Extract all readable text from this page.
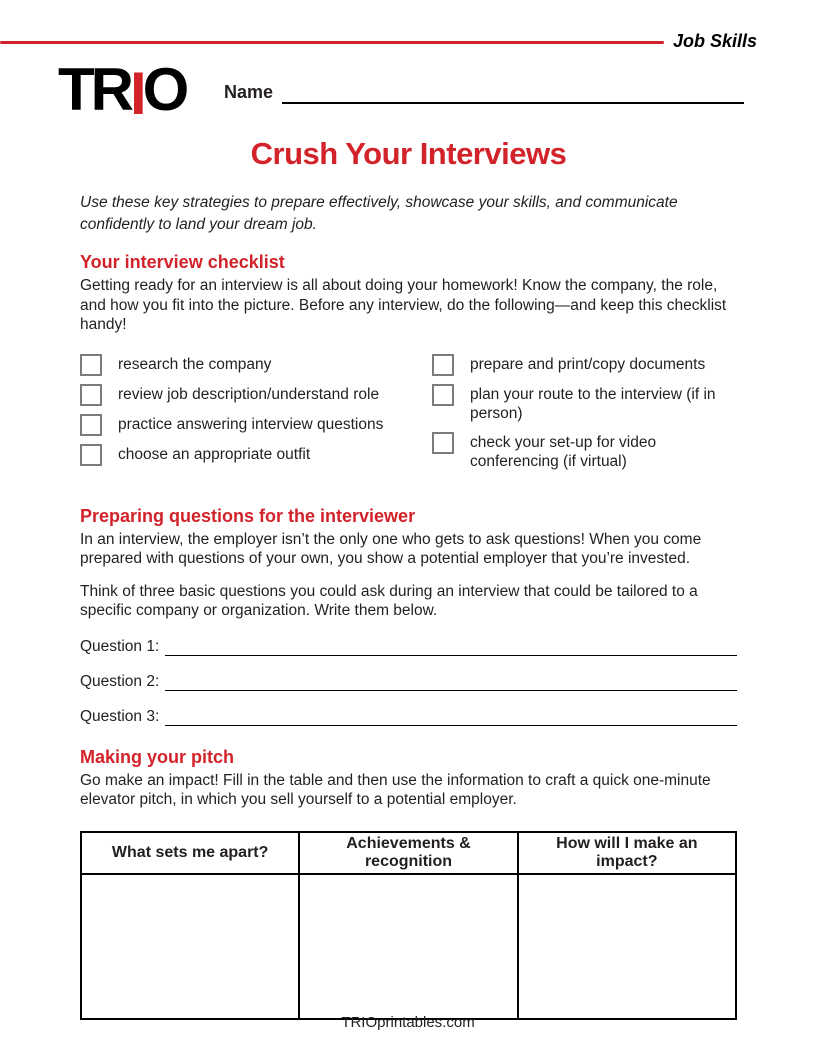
Job Skills
TRIO Name
Crush Your Interviews
Use these key strategies to prepare effectively, showcase your skills, and communicate confidently to land your dream job.
Your interview checklist
Getting ready for an interview is all about doing your homework! Know the company, the role, and how you fit into the picture. Before any interview, do the following—and keep this checklist handy!
research the company
review job description/understand role
practice answering interview questions
choose an appropriate outfit
prepare and print/copy documents
plan your route to the interview (if in person)
check your set-up for video conferencing (if virtual)
Preparing questions for the interviewer
In an interview, the employer isn’t the only one who gets to ask questions! When you come prepared with questions of your own, you show a potential employer that you’re invested.
Think of three basic questions you could ask during an interview that could be tailored to a specific company or organization. Write them below.
Question 1:
Question 2:
Question 3:
Making your pitch
Go make an impact! Fill in the table and then use the information to craft a quick one-minute elevator pitch, in which you sell yourself to a potential employer.
What sets me apart?	Achievements & recognition	How will I make an impact?

TRIOprintables.com
